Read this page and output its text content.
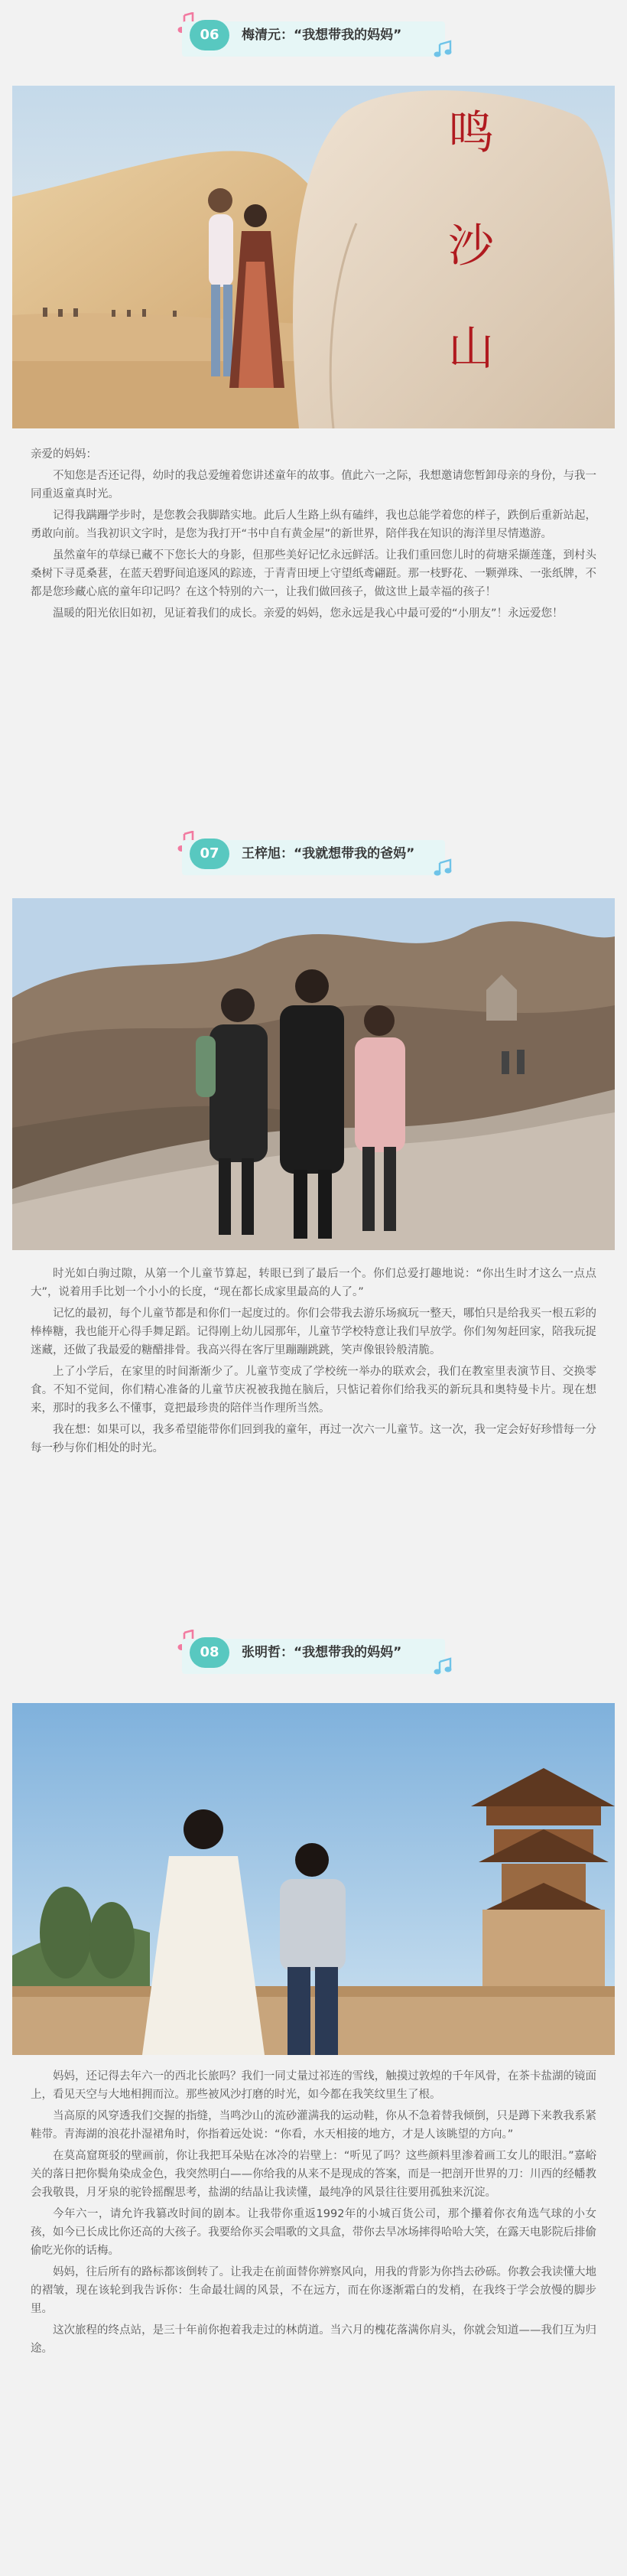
06	梅清元：“我想带我的妈妈”
鸣
沙
山

亲爱的妈妈：

不知您是否还记得，幼时的我总爱缠着您讲述童年的故事。值此六一之际，我想邀请您暂卸母亲的身份，与我一同重返童真时光。

记得我蹒跚学步时，是您教会我脚踏实地。此后人生路上纵有磕绊，我也总能学着您的样子，跌倒后重新站起，勇敢向前。当我初识文字时，是您为我打开“书中自有黄金屋”的新世界，陪伴我在知识的海洋里尽情遨游。

虽然童年的草绿已藏不下您长大的身影，但那些美好记忆永远鲜活。让我们重回您儿时的荷塘采撷莲蓬，到村头桑树下寻觅桑葚，在蓝天碧野间追逐风的踪迹，于青青田埂上守望纸鸢翩跹。那一枝野花、一颗弹珠、一张纸牌，不都是您珍藏心底的童年印记吗？在这个特别的六一，让我们做回孩子，做这世上最幸福的孩子！

温暖的阳光依旧如初，见证着我们的成长。亲爱的妈妈，您永远是我心中最可爱的“小朋友”！永远爱您！

07	王梓旭：“我就想带我的爸妈”

时光如白驹过隙，从第一个儿童节算起，转眼已到了最后一个。你们总爱打趣地说：“你出生时才这么一点点大”，说着用手比划一个小小的长度，“现在都长成家里最高的人了。”

记忆的最初，每个儿童节都是和你们一起度过的。你们会带我去游乐场疯玩一整天，哪怕只是给我买一根五彩的棒棒糖，我也能开心得手舞足蹈。记得刚上幼儿园那年，儿童节学校特意让我们早放学。你们匆匆赶回家，陪我玩捉迷藏，还做了我最爱的糖醋排骨。我高兴得在客厅里蹦蹦跳跳，笑声像银铃般清脆。

上了小学后，在家里的时间渐渐少了。儿童节变成了学校统一举办的联欢会，我们在教室里表演节目、交换零食。不知不觉间，你们精心准备的儿童节庆祝被我抛在脑后，只惦记着你们给我买的新玩具和奥特曼卡片。现在想来，那时的我多么不懂事，竟把最珍贵的陪伴当作理所当然。

我在想：如果可以，我多希望能带你们回到我的童年，再过一次六一儿童节。这一次，我一定会好好珍惜每一分每一秒与你们相处的时光。

08	张明哲：“我想带我的妈妈”

妈妈，还记得去年六一的西北长旅吗？我们一同丈量过祁连的雪线，触摸过敦煌的千年风骨，在茶卡盐湖的镜面上，看见天空与大地相拥而泣。那些被风沙打磨的时光，如今都在我笑纹里生了根。

当高原的风穿透我们交握的指缝，当鸣沙山的流砂灌满我的运动鞋，你从不急着替我倾倒，只是蹲下来教我系紧鞋带。青海湖的浪花扑湿裙角时，你指着远处说：“你看，水天相接的地方，才是人该眺望的方向。”

在莫高窟斑驳的壁画前，你让我把耳朵贴在冰冷的岩壁上：“听见了吗？这些颜料里渗着画工女儿的眼泪。”嘉峪关的落日把你鬓角染成金色，我突然明白——你给我的从来不是现成的答案，而是一把剖开世界的刀：川西的经幡教会我敬畏，月牙泉的驼铃摇醒思考，盐湖的结晶让我读懂，最纯净的风景往往要用孤独来沉淀。

今年六一，请允许我篡改时间的剧本。让我带你重返1992年的小城百货公司，那个攥着你衣角选气球的小女孩，如今已长成比你还高的大孩子。我要给你买会唱歌的文具盒，带你去旱冰场摔得哈哈大笑，在露天电影院后排偷偷吃光你的话梅。

妈妈，往后所有的路标都该倒转了。让我走在前面替你辨察风向，用我的背影为你挡去砂砾。你教会我读懂大地的褶皱，现在该轮到我告诉你：生命最壮阔的风景，不在远方，而在你逐渐霜白的发梢，在我终于学会放慢的脚步里。

这次旅程的终点站，是三十年前你抱着我走过的林荫道。当六月的槐花落满你肩头，你就会知道——我们互为归途。
